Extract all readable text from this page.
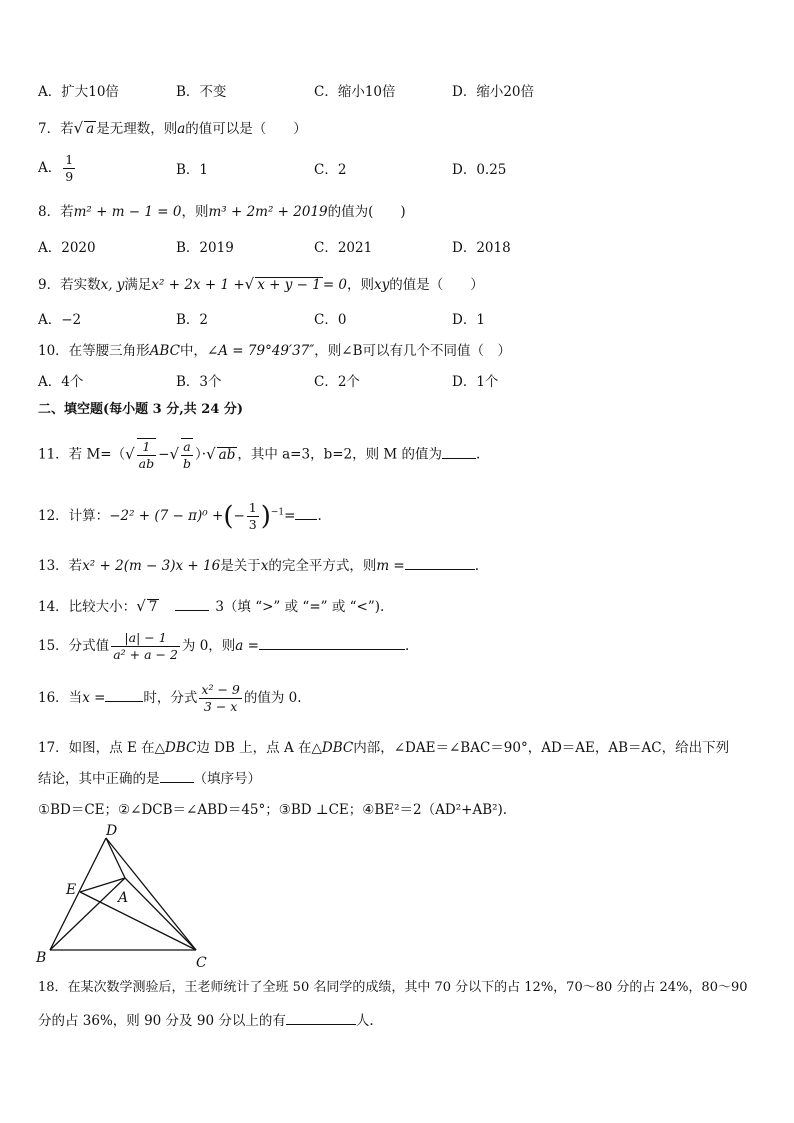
A．扩大10倍	B．不变	C．缩小10倍	D．缩小20倍
7．若√ a 是无理数，则a的值可以是（　　）
A． $\frac{1}{9}$	B．1	C．2	D．0.25
8．若m² + m − 1 = 0，则m³ + 2m² + 2019的值为(　　)
A．2020	B．2019	C．2021	D．2018
9．若实数x, y满足x² + 2x + 1 +√ x + y − 1 = 0，则xy的值是（　　）
A．−2	B．2	C．0	D．1
10．在等腰三角形ABC中，∠A = 79°49′37″，则∠B可以有几个不同值（　）
A．4个	B．3个	C．2个	D．1个
二、填空题(每小题 3 分,共 24 分)
11．若 $M=(√ \frac{1}{ab}$ −√ $\frac{a}{b}$ ）·√ ab ，其中 a=3，b=2，则 M 的值为	.
12．计算：−2² + (7 − π)⁰ +(− $\frac{1}{3} )^{-1}=$ .
13．若x² + 2(m − 3)x + 16是关于x的完全平方式，则m =	.
14．比较大小：√ 7	3（填 “>” 或 “=” 或 “<”).
15．分式值 $\frac{|a| - 1}{\text{a² + a − 2}}$ 为 0，则a =	.
16．当x =	时，分式 $\frac{\text{x² − 9}}{3 - x}$ 的值为 0.
17．如图，点 E 在△DBC边 DB 上，点 A 在△DBC内部，∠DAE＝∠BAC＝90°，AD＝AE，AB＝AC，给出下列
结论，其中正确的是	（填序号）
①BD＝CE；②∠DCB＝∠ABD＝45°；③BD ⊥CE；④BE²＝2（AD²+AB²).
D
E	A
B	C
18．在某次数学测验后，王老师统计了全班 50 名同学的成绩，其中 70 分以下的占 12%，70～80 分的占 24%，80～90
分的占 36%，则 90 分及 90 分以上的有	人.
